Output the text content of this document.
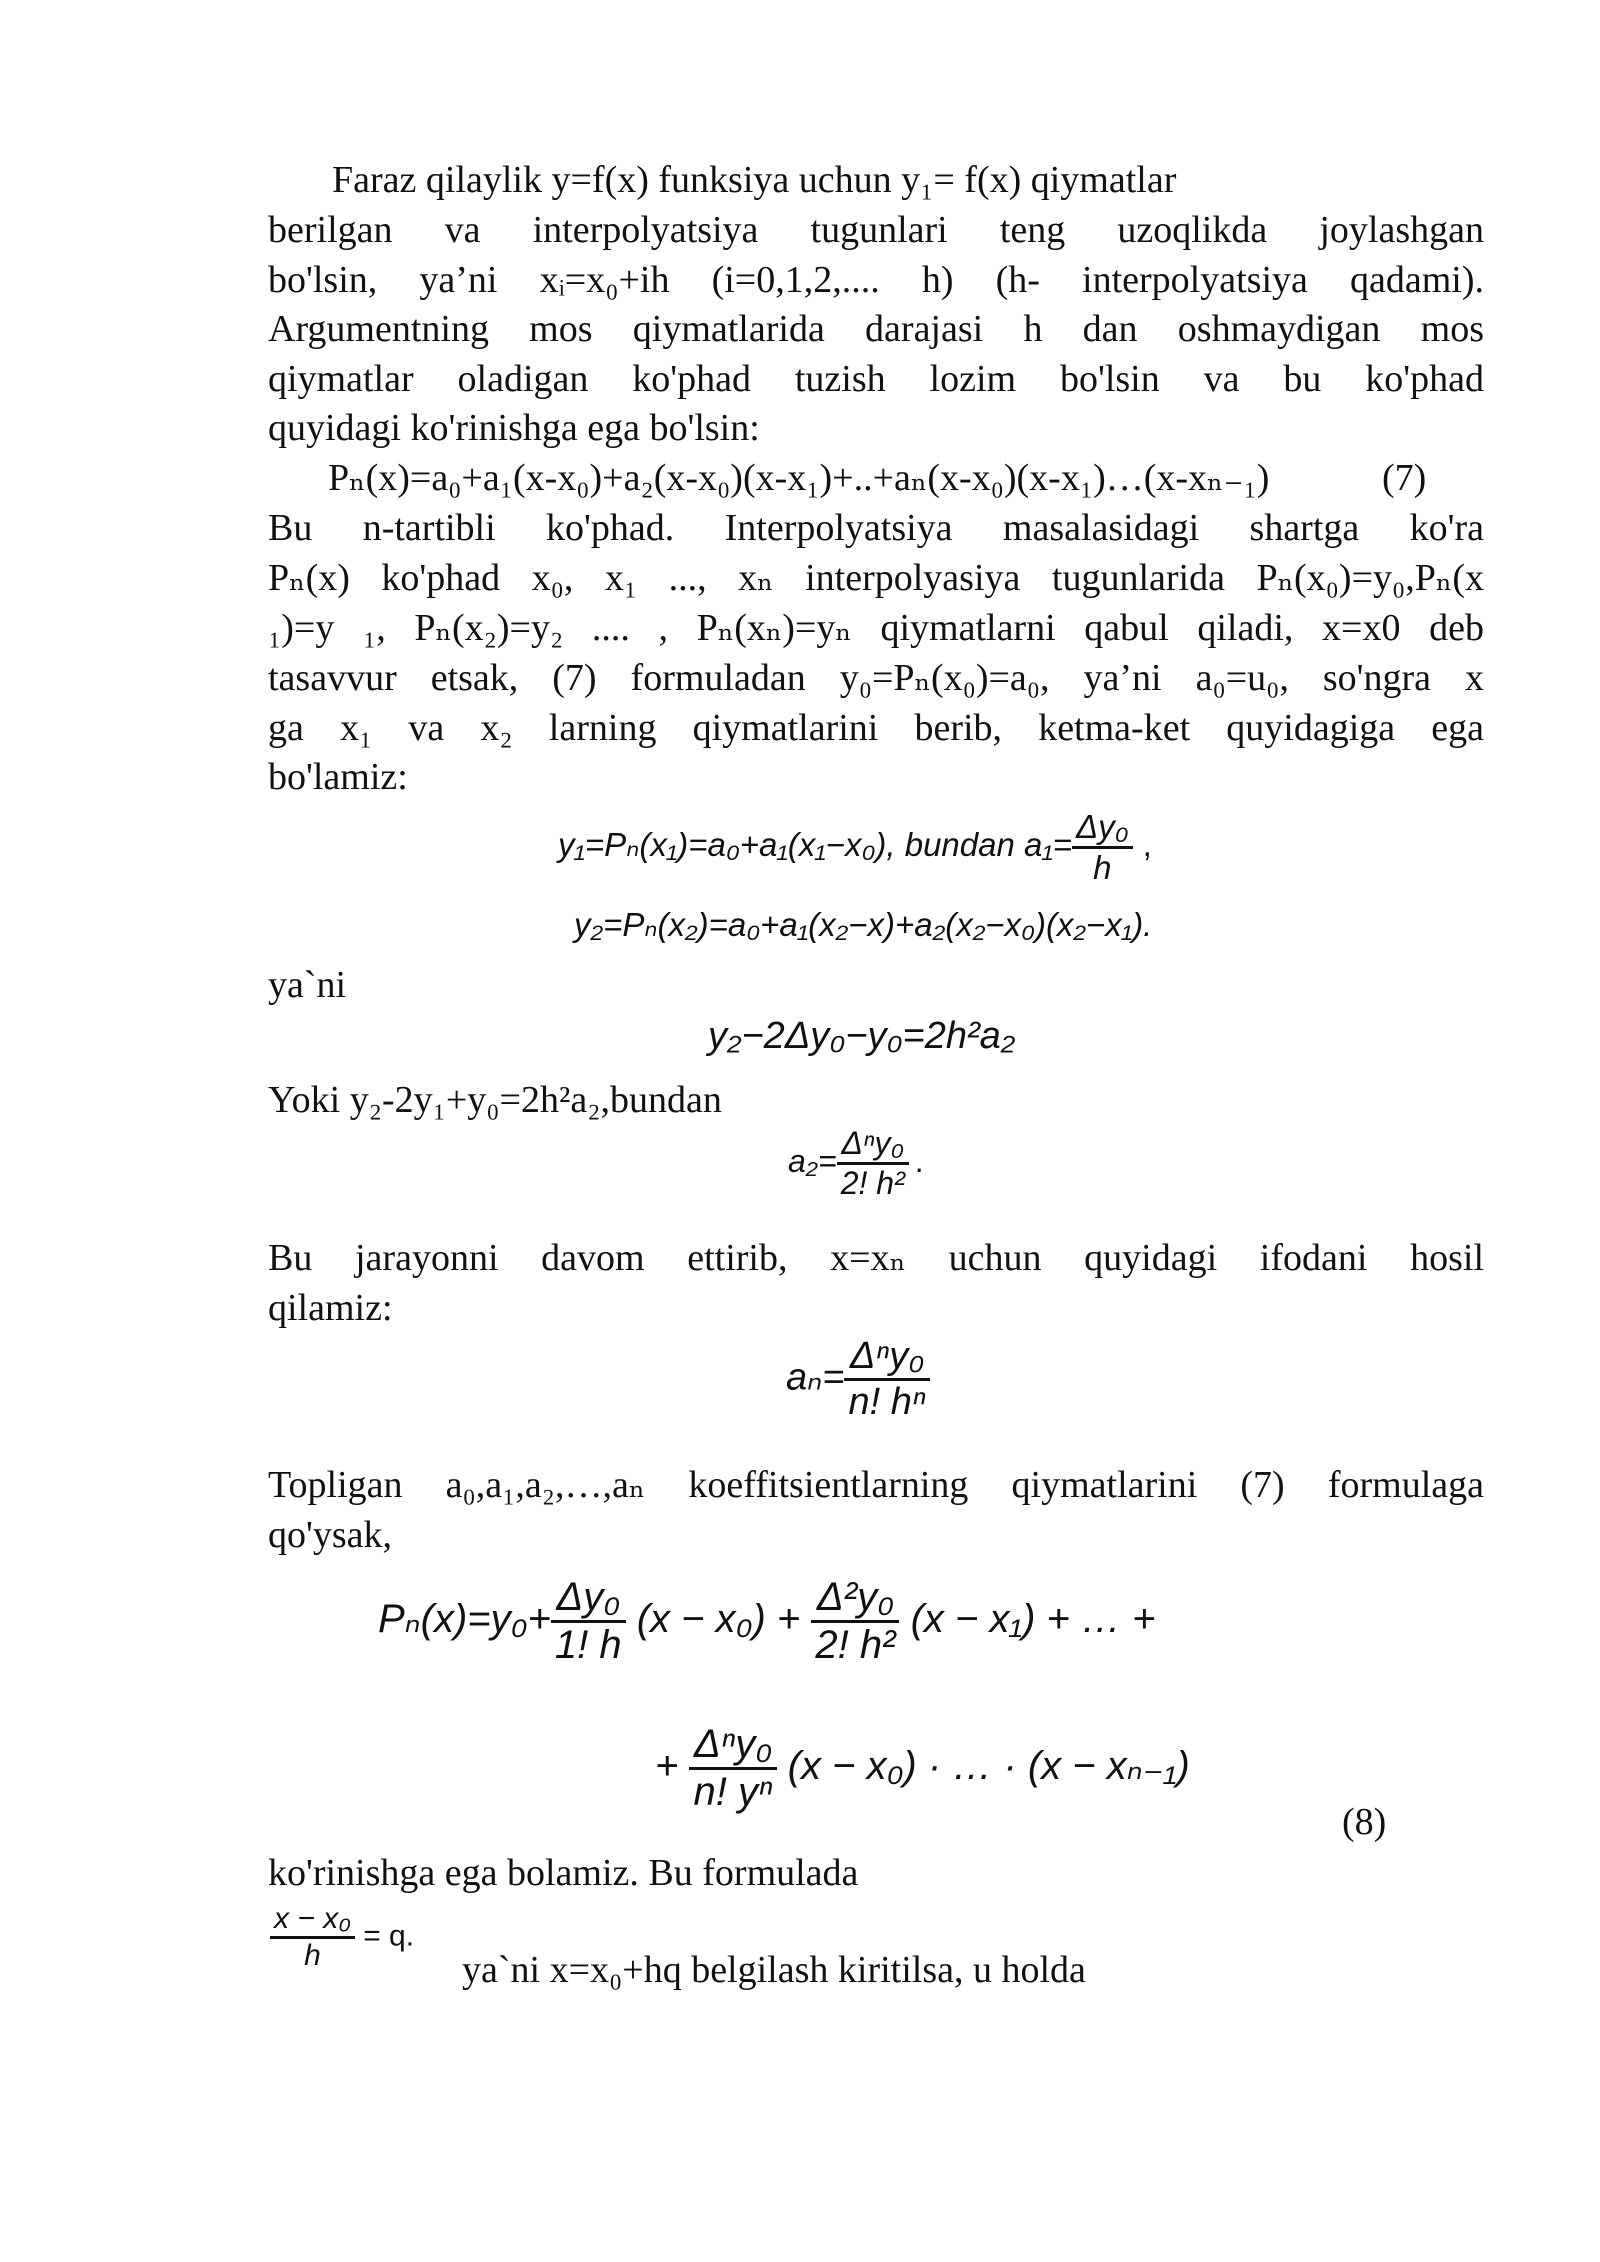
Faraz qilaylik y=f(x) funksiya uchun y₁= f(x) qiymatlar
berilgan va interpolyatsiya tugunlari teng uzoqlikda joylashgan
bo'lsin, ya’ni xᵢ=x₀+ih (i=0,1,2,.... h) (h- interpolyatsiya qadami).
Argumentning mos qiymatlarida darajasi h dan oshmaydigan mos
qiymatlar oladigan ko'phad tuzish lozim bo'lsin va bu ko'phad
quyidagi ko'rinishga ega bo'lsin:
Pₙ(x)=a₀+a₁(x-x₀)+a₂(x-x₀)(x-x₁)+..+aₙ(x-x₀)(x-x₁)…(x-xₙ₋₁)	(7)
Bu n-tartibli ko'phad. Interpolyatsiya masalasidagi shartga ko'ra
Pₙ(x) ko'phad x₀, x₁ ..., xₙ interpolyasiya tugunlarida Pₙ(x₀)=y₀,Pₙ(x
₁)=y ₁, Pₙ(x₂)=y₂ .... , Pₙ(xₙ)=yₙ qiymatlarni qabul qiladi, x=x0 deb
tasavvur etsak, (7) formuladan y₀=Pₙ(x₀)=a₀, ya’ni a₀=u₀, so'ngra x
ga x₁ va x₂ larning qiymatlarini berib, ketma-ket quyidagiga ega
bo'lamiz:
y₁=Pₙ(x₁)=a₀+a₁(x₁−x₀), bundan $a_1= \frac{\text{Δy₀}}{h}$ ,
y₂=Pₙ(x₂)=a₀+a₁(x₂−x)+a₂(x₂−x₀)(x₂−x₁).
ya`ni
y₂−2Δy₀−y₀=2h²a₂
Yoki y₂-2y₁+y₀=2h²a₂,bundan
$a_2= \frac{\text{Δⁿy₀}}{\text{2! h²}}$ .
Bu jarayonni davom ettirib, x=xₙ uchun quyidagi ifodani hosil
qilamiz:
$a_n= \frac{\text{Δⁿy₀}}{\text{n! hⁿ}}$
Topligan a₀,a₁,a₂,…,aₙ koeffitsientlarning qiymatlarini (7) formulaga
qo'ysak,
$P_n(x)=y_0+ \frac{\text{Δy₀}}{1! h} (x - x_0) + \frac{\text{Δ²y₀}}{\text{2! h²}} (x - x_1)$ + … +
+ $\frac{\text{Δⁿy₀}}{\text{n! yⁿ}} (x - x_0)$ · … · (x − xₙ₋₁)
(8)
ko'rinishga ega bolamiz. Bu formulada
$\frac{\text{x − x₀}}{h} = q$.
ya`ni x=x₀+hq belgilash kiritilsa, u holda
